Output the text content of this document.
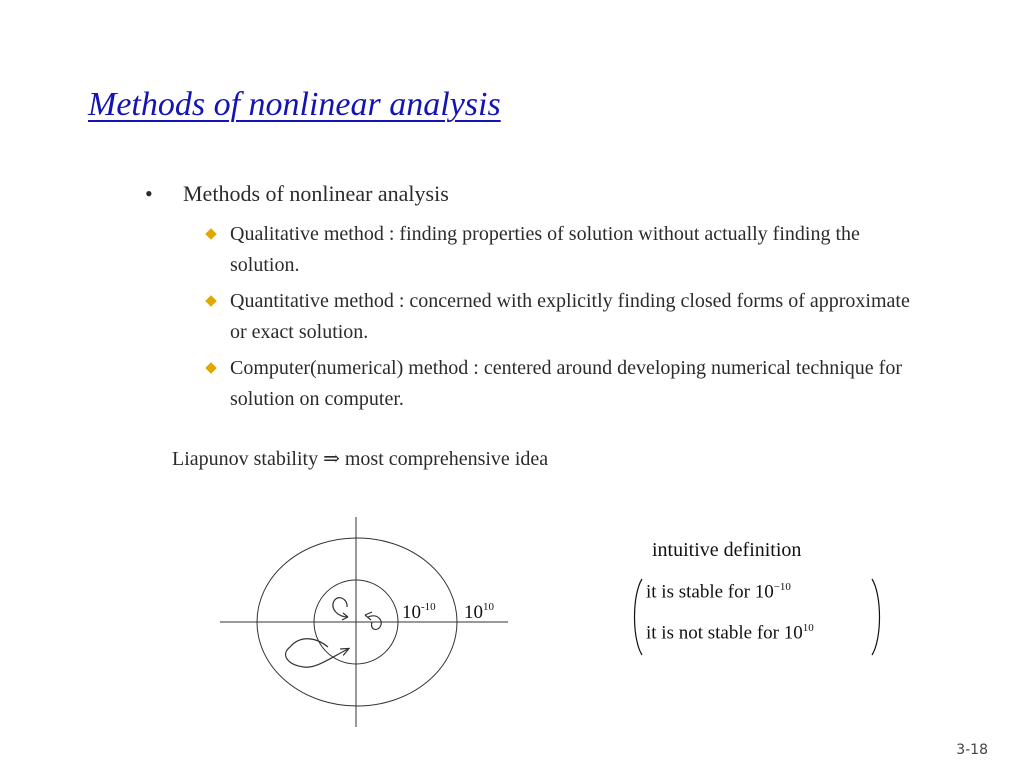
Methods of nonlinear analysis
• Methods of nonlinear analysis
Qualitative method : finding properties of solution without actually finding the solution.
Quantitative method : concerned with explicitly finding closed forms of approximate or exact solution.
Computer(numerical) method : centered around developing numerical technique for solution on computer.
Liapunov stability ⇒ most comprehensive idea
$10^{-10}$ $10^{10}$
intuitive definition
it is stable for $10^{-10}$
it is not stable for $10^{10}$
3-18
